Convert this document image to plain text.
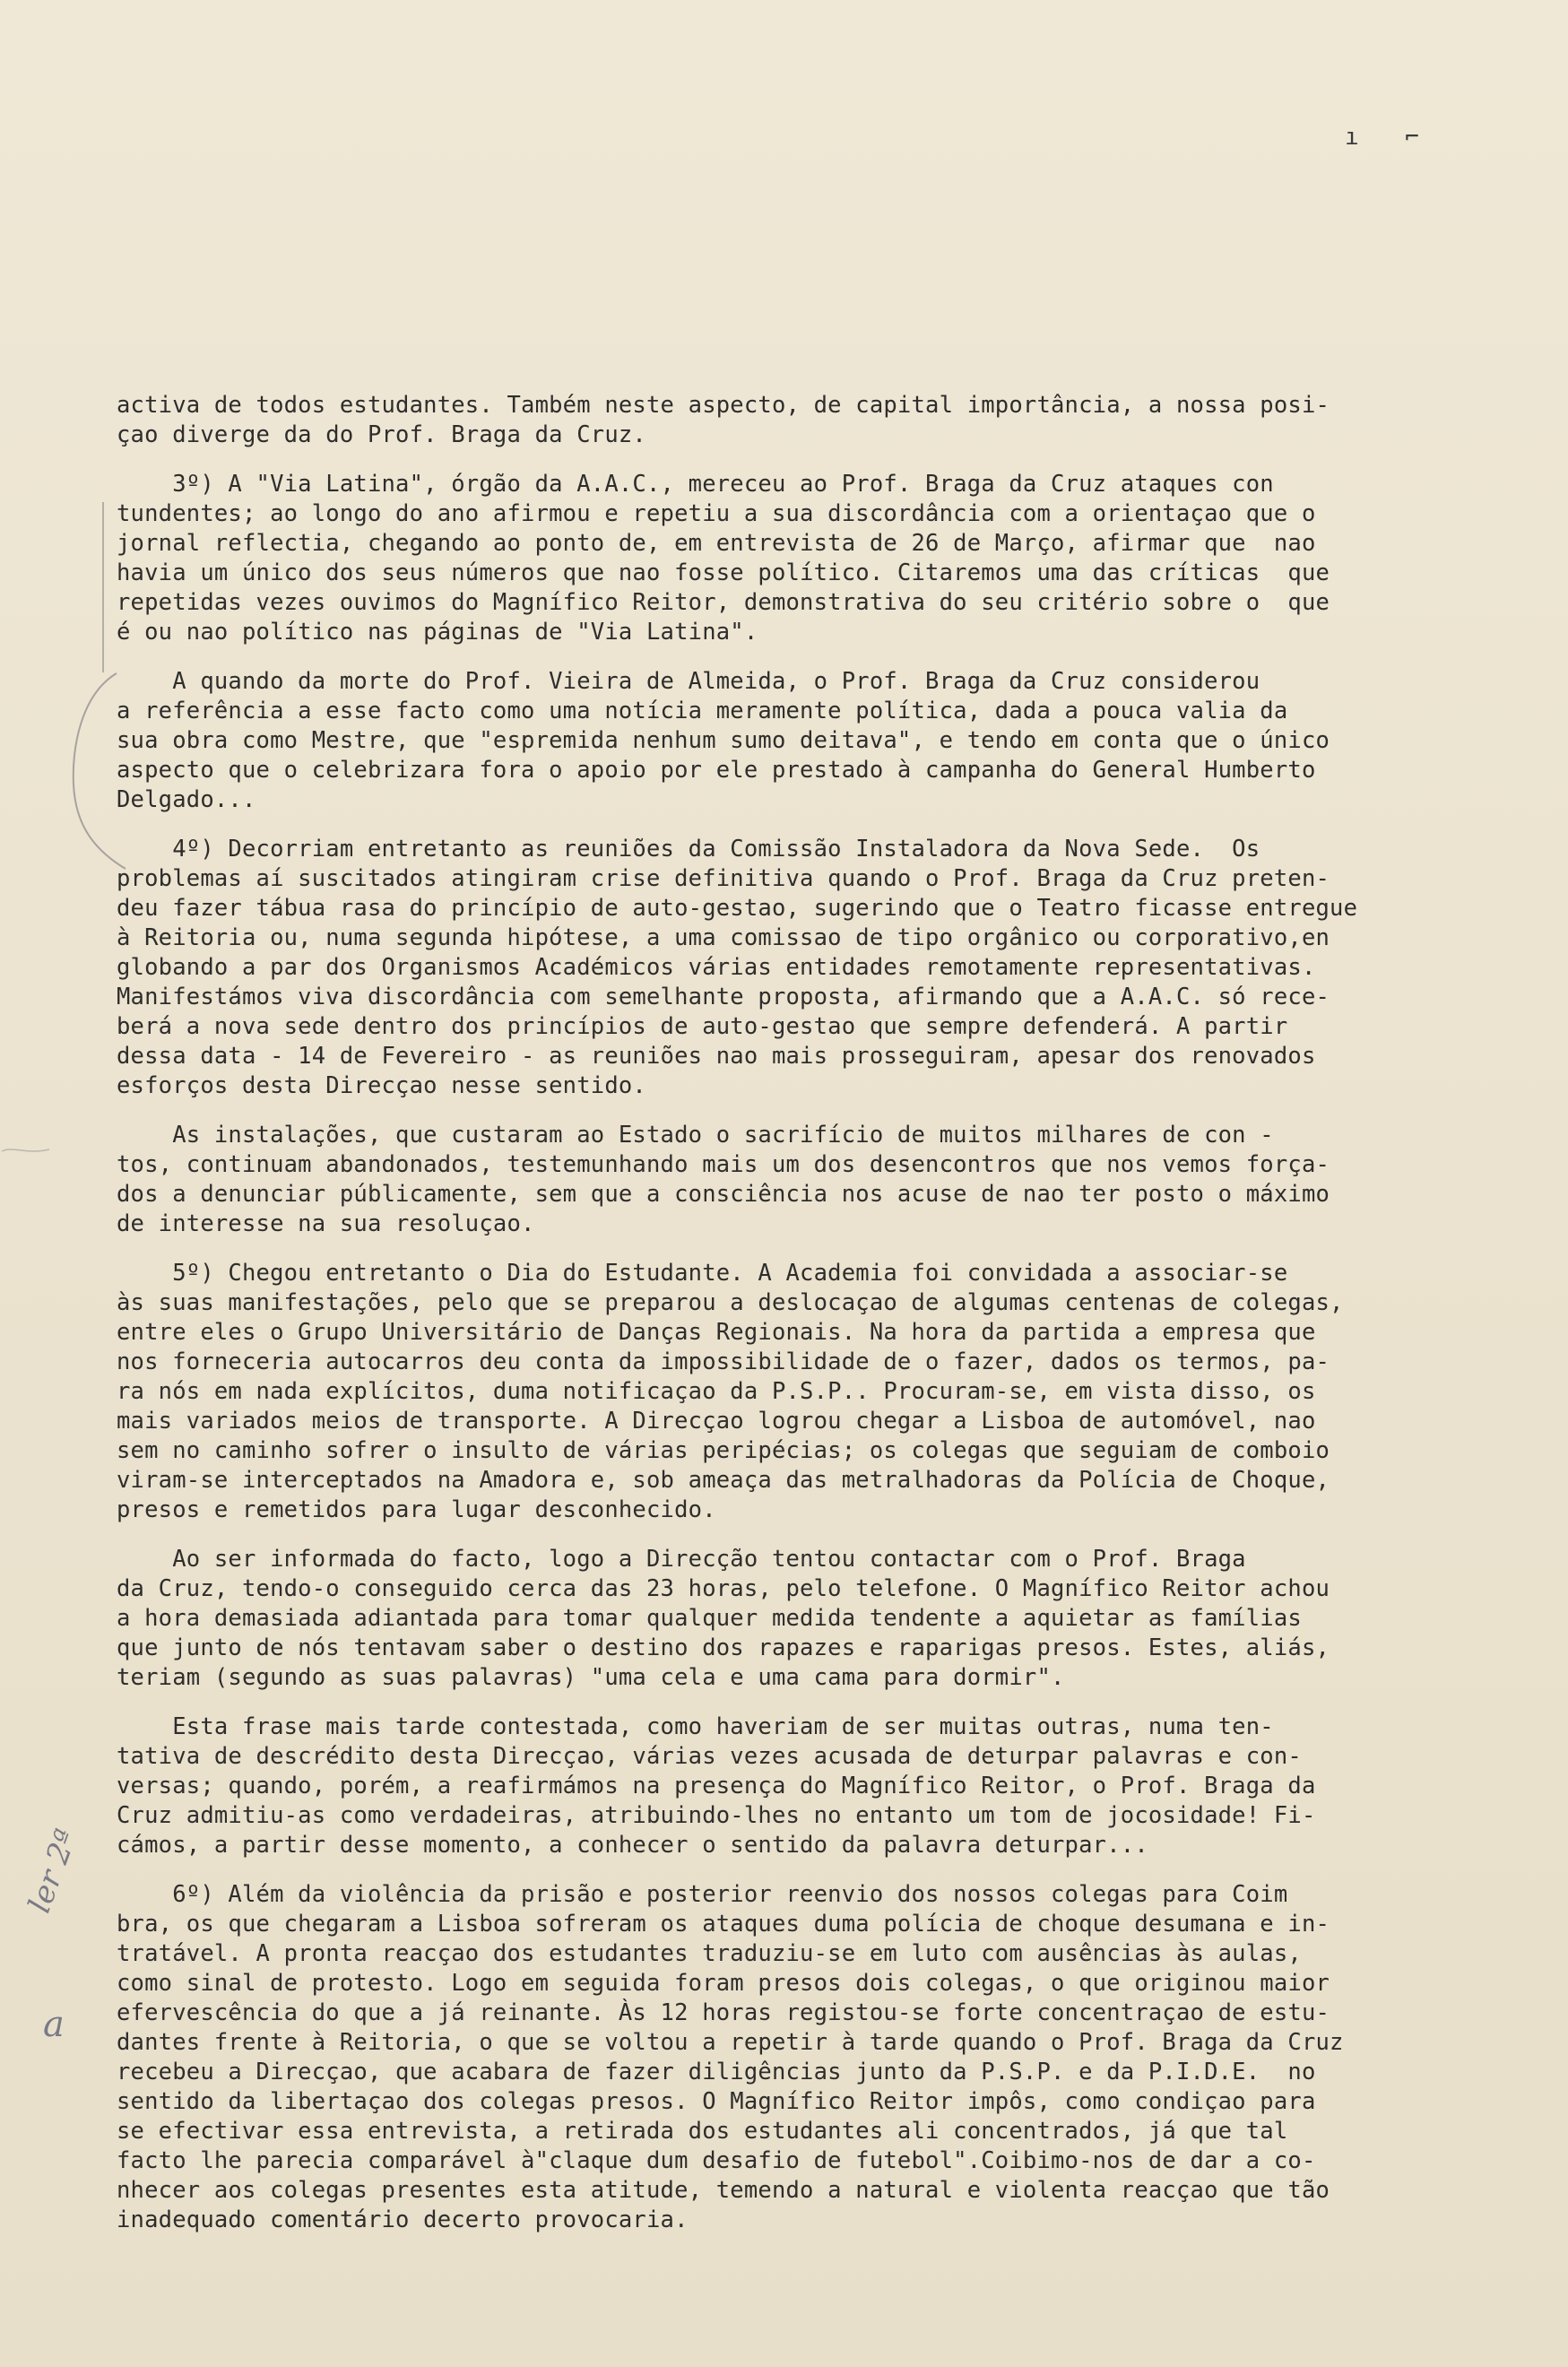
ı ⌐
ler 2ª
a
activa de todos estudantes. Também neste aspecto, de capital importância, a nossa posi-
çao diverge da do Prof. Braga da Cruz.
3º) A "Via Latina", órgão da A.A.C., mereceu ao Prof. Braga da Cruz ataques con
tundentes; ao longo do ano afirmou e repetiu a sua discordância com a orientaçao que o
jornal reflectia, chegando ao ponto de, em entrevista de 26 de Março, afirmar que  nao
havia um único dos seus números que nao fosse político. Citaremos uma das críticas  que
repetidas vezes ouvimos do Magnífico Reitor, demonstrativa do seu critério sobre o  que
é ou nao político nas páginas de "Via Latina".
A quando da morte do Prof. Vieira de Almeida, o Prof. Braga da Cruz considerou
a referência a esse facto como uma notícia meramente política, dada a pouca valia da
sua obra como Mestre, que "espremida nenhum sumo deitava", e tendo em conta que o único
aspecto que o celebrizara fora o apoio por ele prestado à campanha do General Humberto
Delgado...
4º) Decorriam entretanto as reuniões da Comissão Instaladora da Nova Sede.  Os
problemas aí suscitados atingiram crise definitiva quando o Prof. Braga da Cruz preten-
deu fazer tábua rasa do princípio de auto-gestao, sugerindo que o Teatro ficasse entregue
à Reitoria ou, numa segunda hipótese, a uma comissao de tipo orgânico ou corporativo,en
globando a par dos Organismos Académicos várias entidades remotamente representativas.
Manifestámos viva discordância com semelhante proposta, afirmando que a A.A.C. só rece-
berá a nova sede dentro dos princípios de auto-gestao que sempre defenderá. A partir
dessa data - 14 de Fevereiro - as reuniões nao mais prosseguiram, apesar dos renovados
esforços desta Direcçao nesse sentido.
As instalações, que custaram ao Estado o sacrifício de muitos milhares de con -
tos, continuam abandonados, testemunhando mais um dos desencontros que nos vemos força-
dos a denunciar públicamente, sem que a consciência nos acuse de nao ter posto o máximo
de interesse na sua resoluçao.
5º) Chegou entretanto o Dia do Estudante. A Academia foi convidada a associar-se
às suas manifestações, pelo que se preparou a deslocaçao de algumas centenas de colegas,
entre eles o Grupo Universitário de Danças Regionais. Na hora da partida a empresa que
nos forneceria autocarros deu conta da impossibilidade de o fazer, dados os termos, pa-
ra nós em nada explícitos, duma notificaçao da P.S.P.. Procuram-se, em vista disso, os
mais variados meios de transporte. A Direcçao logrou chegar a Lisboa de automóvel, nao
sem no caminho sofrer o insulto de várias peripécias; os colegas que seguiam de comboio
viram-se interceptados na Amadora e, sob ameaça das metralhadoras da Polícia de Choque,
presos e remetidos para lugar desconhecido.
Ao ser informada do facto, logo a Direcção tentou contactar com o Prof. Braga
da Cruz, tendo-o conseguido cerca das 23 horas, pelo telefone. O Magnífico Reitor achou
a hora demasiada adiantada para tomar qualquer medida tendente a aquietar as famílias
que junto de nós tentavam saber o destino dos rapazes e raparigas presos. Estes, aliás,
teriam (segundo as suas palavras) "uma cela e uma cama para dormir".
Esta frase mais tarde contestada, como haveriam de ser muitas outras, numa ten-
tativa de descrédito desta Direcçao, várias vezes acusada de deturpar palavras e con-
versas; quando, porém, a reafirmámos na presença do Magnífico Reitor, o Prof. Braga da
Cruz admitiu-as como verdadeiras, atribuindo-lhes no entanto um tom de jocosidade! Fi-
cámos, a partir desse momento, a conhecer o sentido da palavra deturpar...
6º) Além da violência da prisão e posterior reenvio dos nossos colegas para Coim
bra, os que chegaram a Lisboa sofreram os ataques duma polícia de choque desumana e in-
tratável. A pronta reacçao dos estudantes traduziu-se em luto com ausências às aulas,
como sinal de protesto. Logo em seguida foram presos dois colegas, o que originou maior
efervescência do que a já reinante. Às 12 horas registou-se forte concentraçao de estu-
dantes frente à Reitoria, o que se voltou a repetir à tarde quando o Prof. Braga da Cruz
recebeu a Direcçao, que acabara de fazer diligências junto da P.S.P. e da P.I.D.E.  no
sentido da libertaçao dos colegas presos. O Magnífico Reitor impôs, como condiçao para
se efectivar essa entrevista, a retirada dos estudantes ali concentrados, já que tal
facto lhe parecia comparável à"claque dum desafio de futebol".Coibimo-nos de dar a co-
nhecer aos colegas presentes esta atitude, temendo a natural e violenta reacçao que tão
inadequado comentário decerto provocaria.
